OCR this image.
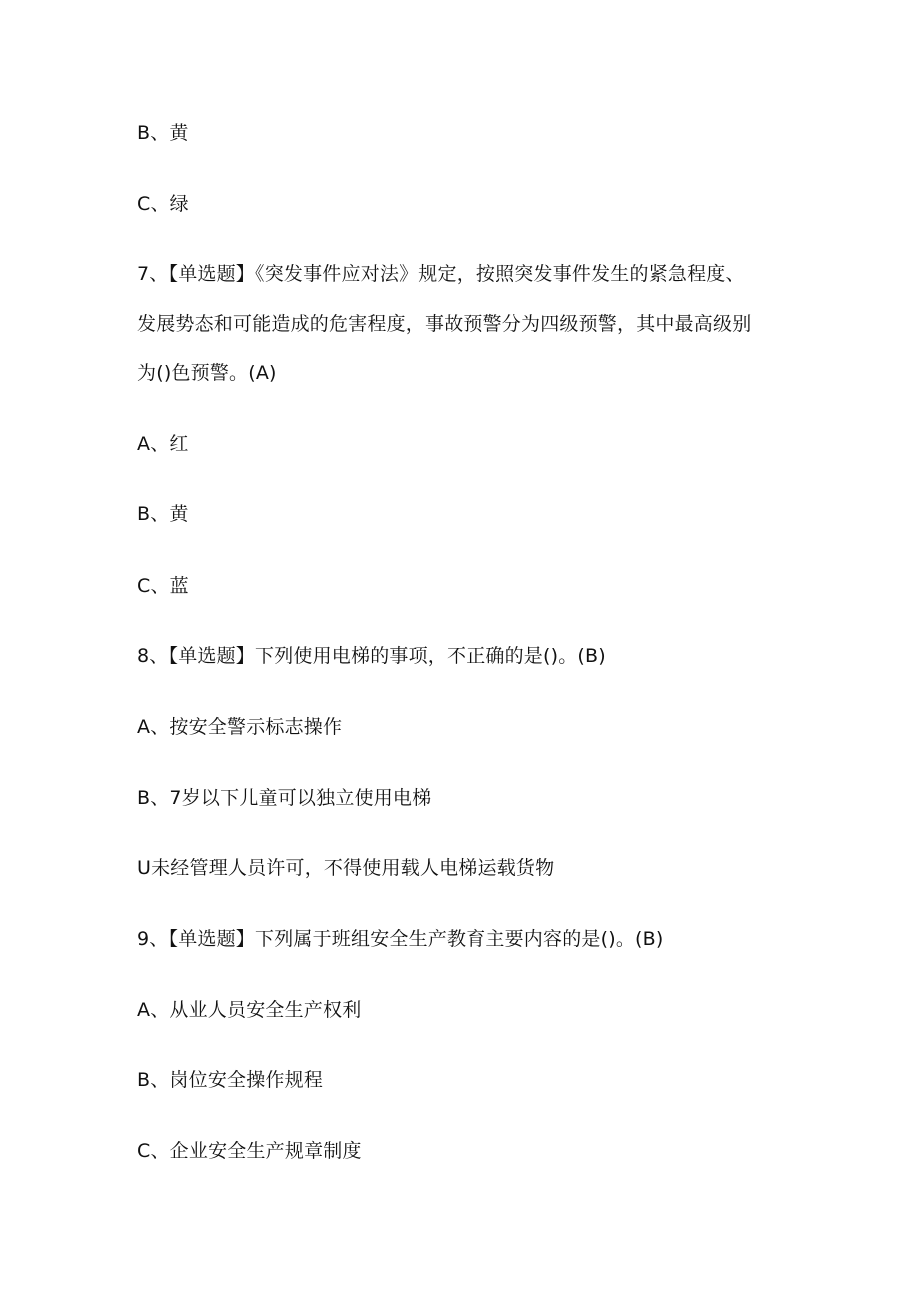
B、黄
C、绿
7、【单选题】《突发事件应对法》规定，按照突发事件发生的紧急程度、
发展势态和可能造成的危害程度，事故预警分为四级预警，其中最高级别
为()色预警。(A)
A、红
B、黄
C、蓝
8、【单选题】下列使用电梯的事项，不正确的是()。(B)
A、按安全警示标志操作
B、7岁以下儿童可以独立使用电梯
U未经管理人员许可，不得使用载人电梯运载货物
9、【单选题】下列属于班组安全生产教育主要内容的是()。(B)
A、从业人员安全生产权利
B、岗位安全操作规程
C、企业安全生产规章制度
